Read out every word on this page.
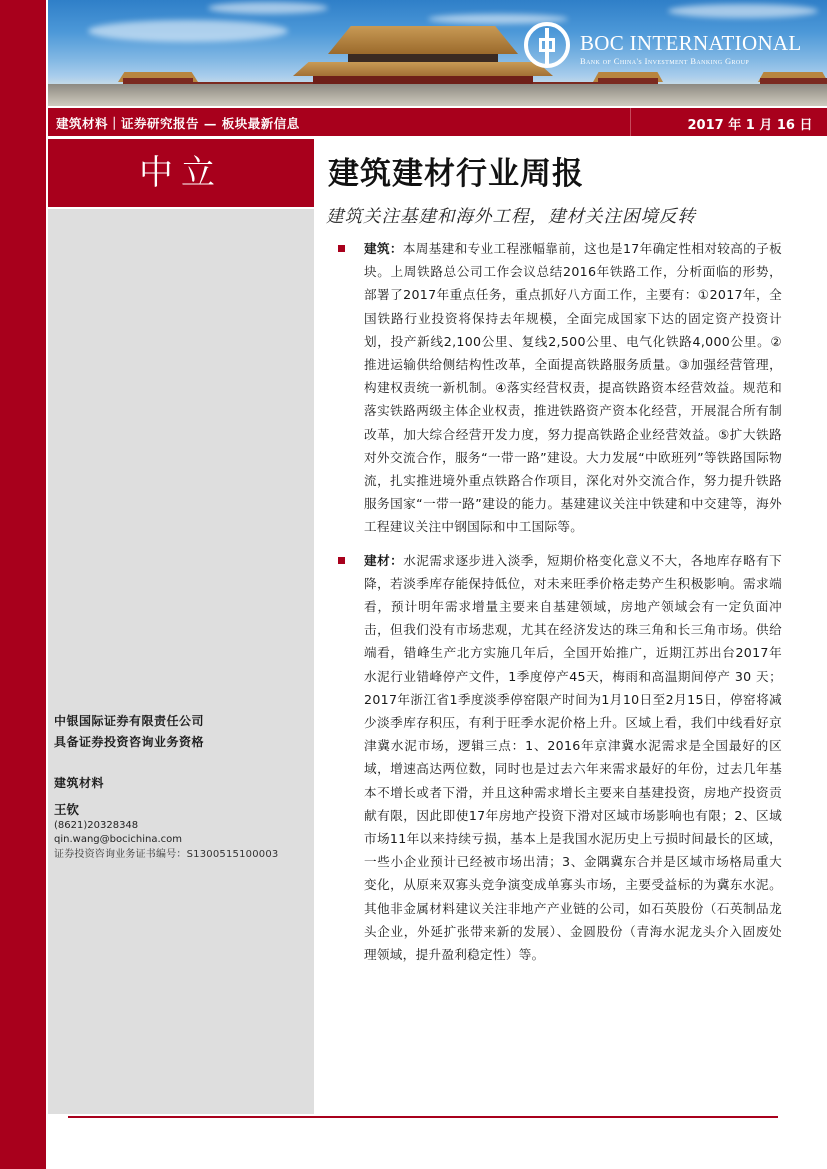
BOC INTERNATIONAL
Bank of China's Investment Banking Group
建筑材料｜证券研究报告 — 板块最新信息	2017 年 1 月 16 日
中立	建筑建材行业周报
建筑关注基建和海外工程，建材关注困境反转
建筑：本周基建和专业工程涨幅靠前，这也是17年确定性相对较高的子板块。上周铁路总公司工作会议总结2016年铁路工作，分析面临的形势，部署了2017年重点任务，重点抓好八方面工作，主要有：①2017年，全国铁路行业投资将保持去年规模，全面完成国家下达的固定资产投资计划，投产新线2,100公里、复线2,500公里、电气化铁路4,000公里。②推进运输供给侧结构性改革，全面提高铁路服务质量。③加强经营管理，构建权责统一新机制。④落实经营权责，提高铁路资本经营效益。规范和落实铁路两级主体企业权责，推进铁路资产资本化经营，开展混合所有制改革，加大综合经营开发力度，努力提高铁路企业经营效益。⑤扩大铁路对外交流合作，服务“一带一路”建设。大力发展“中欧班列”等铁路国际物流，扎实推进境外重点铁路合作项目，深化对外交流合作，努力提升铁路服务国家“一带一路”建设的能力。基建建议关注中铁建和中交建等，海外工程建议关注中钢国际和中工国际等。
建材：水泥需求逐步进入淡季，短期价格变化意义不大，各地库存略有下降，若淡季库存能保持低位，对未来旺季价格走势产生积极影响。需求端看，预计明年需求增量主要来自基建领域，房地产领域会有一定负面冲击，但我们没有市场悲观，尤其在经济发达的珠三角和长三角市场。供给端看，错峰生产北方实施几年后，全国开始推广，近期江苏出台2017年水泥行业错峰停产文件，1季度停产45天，梅雨和高温期间停产 30 天；2017年浙江省1季度淡季停窑限产时间为1月10日至2月15日，停窑将减少淡季库存积压，有利于旺季水泥价格上升。区域上看，我们中线看好京津冀水泥市场，逻辑三点：1、2016年京津冀水泥需求是全国最好的区域，增速高达两位数，同时也是过去六年来需求最好的年份，过去几年基本不增长或者下滑，并且这种需求增长主要来自基建投资，房地产投资贡献有限，因此即使17年房地产投资下滑对区域市场影响也有限；2、区域市场11年以来持续亏损，基本上是我国水泥历史上亏损时间最长的区域，一些小企业预计已经被市场出清；3、金隅冀东合并是区域市场格局重大变化，从原来双寡头竞争演变成单寡头市场，主要受益标的为冀东水泥。其他非金属材料建议关注非地产产业链的公司，如石英股份（石英制品龙头企业，外延扩张带来新的发展）、金圆股份（青海水泥龙头介入固废处理领域，提升盈利稳定性）等。
中银国际证券有限责任公司
具备证券投资咨询业务资格
建筑材料
王钦
(8621)20328348
qin.wang@bocichina.com
证券投资咨询业务证书编号：S1300515100003
